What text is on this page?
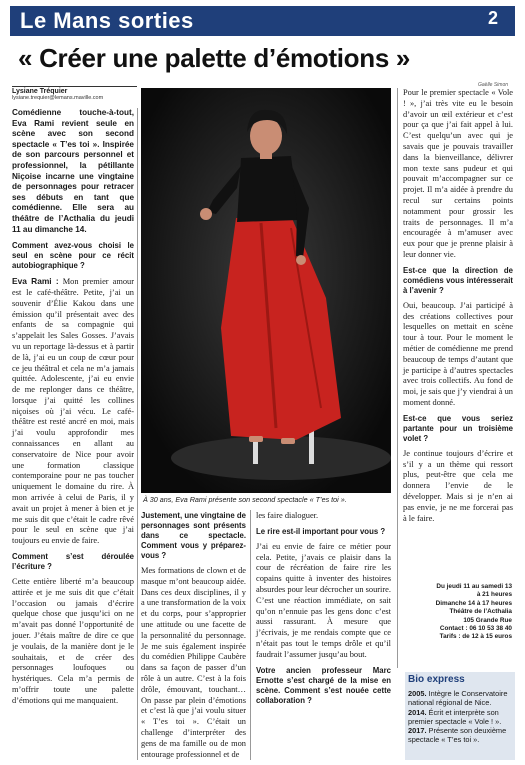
Le Mans sorties	2
« Créer une palette d’émotions »
Lysiane Tréquier
lysiane.trequier@lemans.maville.com
Gaëlle Simon
Comédienne touche-à-tout, Eva Rami revient seule en scène avec son second spectacle « T’es toi ». Inspirée de son parcours personnel et professionnel, la pétillante Niçoise incarne une vingtaine de personnages pour retracer ses débuts en tant que comédienne. Elle sera au théâtre de l’Acthalia du jeudi 11 au dimanche 14.

Comment avez-vous choisi le seul en scène pour ce récit autobiographique ?

Eva Rami : Mon premier amour est le café-théâtre. Petite, j’ai un souvenir d’Élie Kakou dans une émission qu’il présentait avec des enfants de sa compagnie qui s’appelait les Sales Gosses. J’avais vu un reportage là-dessus et à partir de là, j’ai eu un coup de cœur pour ce jeu théâtral et cela ne m’a jamais quittée. Adolescente, j’ai eu envie de me replonger dans ce théâtre, lorsque j’ai quitté les collines niçoises où j’ai vécu. Le café-théâtre est resté ancré en moi, mais j’ai voulu approfondir mes connaissances en allant au conservatoire de Nice pour avoir une formation classique contemporaine pour ne pas toucher uniquement le domaine du rire. À mon arrivée à celui de Paris, il y avait un projet à mener à bien et je me suis dit que c’était le cadre rêvé pour le seul en scène que j’ai toujours eu envie de faire.

Comment s’est déroulée l’écriture ?

Cette entière liberté m’a beaucoup attirée et je me suis dit que c’était l’occasion ou jamais d’écrire quelque chose que jusqu’ici on ne m’avait pas donné l’opportunité de jouer. J’étais maître de dire ce que je voulais, de la manière dont je le souhaitais, et de créer des personnages loufoques ou hystériques. Cela m’a permis de m’offrir toute une palette d’émotions qui me manquaient.

À 30 ans, Eva Rami présente son second spectacle « T’es toi ».

Justement, une vingtaine de personnages sont présents dans ce spectacle. Comment vous y préparez-vous ?

Mes formations de clown et de masque m’ont beaucoup aidée. Dans ces deux disciplines, il y a une transformation de la voix et du corps, pour s’approprier une attitude ou une facette de la personnalité du personnage. Je me suis également inspirée du comédien Philippe Caubère dans sa façon de passer d’un rôle à un autre. C’est à la fois drôle, émouvant, touchant… On passe par plein d’émotions et c’est là que j’ai voulu situer « T’es toi ». C’était un challenge d’interpréter des gens de ma famille ou de mon entourage professionnel et de

les faire dialoguer.

Le rire est-il important pour vous ?

J’ai eu envie de faire ce métier pour cela. Petite, j’avais ce plaisir dans la cour de récréation de faire rire les copains quitte à inventer des histoires absurdes pour leur décrocher un sourire. C’est une réaction immédiate, on sait qu’on n’ennuie pas les gens donc c’est aussi rassurant. À mesure que j’écrivais, je me rendais compte que ce n’était pas tout le temps drôle et qu’il faudrait l’assumer jusqu’au bout.

Votre ancien professeur Marc Ernotte s’est chargé de la mise en scène. Comment s’est nouée cette collaboration ?

Pour le premier spectacle « Vole ! », j’ai très vite eu le besoin d’avoir un œil extérieur et c’est pour ça que j’ai fait appel à lui. C’est quelqu’un avec qui je savais que je pouvais travailler dans la bienveillance, délivrer mon texte sans pudeur et qui pouvait m’accompagner sur ce projet. Il m’a aidée à prendre du recul sur certains points notamment pour grossir les traits de personnages. Il m’a encouragée à m’amuser avec eux pour que je prenne plaisir à leur donner vie.

Est-ce que la direction de comédiens vous intéresserait à l’avenir ?

Oui, beaucoup. J’ai participé à des créations collectives pour lesquelles on mettait en scène tour à tour. Pour le moment le métier de comédienne me prend beaucoup de temps d’autant que je participe à d’autres spectacles avec trois collectifs. Au fond de moi, je sais que j’y viendrai à un moment donné.

Est-ce que vous seriez partante pour un troisième volet ?

Je continue toujours d’écrire et s’il y a un thème qui ressort plus, peut-être que cela me donnera l’envie de le développer. Mais si je n’en ai pas envie, je ne me forcerai pas à le faire.

Du jeudi 11 au samedi 13
à 21 heures
Dimanche 14 à 17 heures
Théâtre de l’Acthalia
105 Grande Rue
Contact : 06 10 53 38 40
Tarifs : de 12 à 15 euros
Bio express
2005. Intègre le Conservatoire national régional de Nice.
2014. Écrit et interprète son premier spectacle « Vole ! ».
2017. Présente son deuxième spectacle « T’es toi ».
